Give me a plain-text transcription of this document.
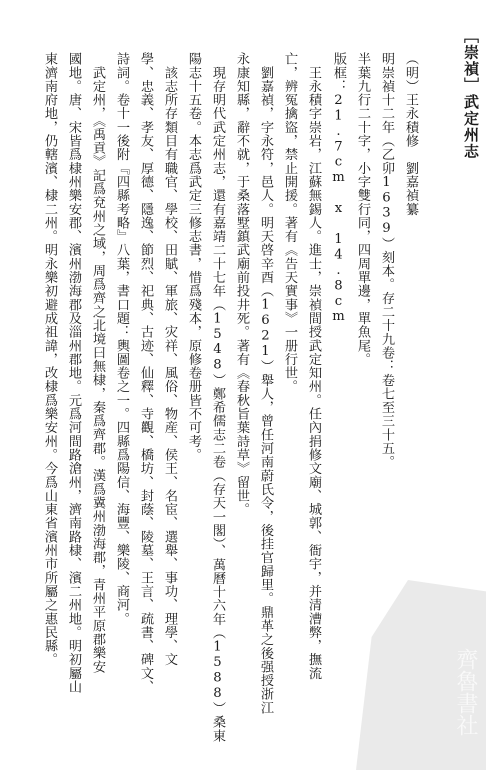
［崇禎］武定州志
（明）王永積修　劉嘉禎纂
明崇禎十二年（乙卯1639）刻本。存二十九卷：卷七至三十五。
半葉九行二十字，小字雙行同，四周單邊，單魚尾。
版框：21.7cm x 14.8cm
　王永積字崇岩，江蘇無錫人。進士，崇禎間授武定知州。任內捐修文廟、城郭、衙宇，并清漕弊，撫流
亡，辨冤擒盜，禁止開援。著有《告天實事》一册行世。
　劉嘉禎，字永符，邑人。明天啓辛酉（1621）舉人，曾任河南蔚氏令，後挂官歸里。鼎革之後强授浙江
永康知縣，辭不就，于桑落墅鎮武廟前投井死。著有《春秋旨葉詩草》留世。
　現存明代武定州志，還有嘉靖二十七年（1548）鄭希儒志二卷（存天一閣）、萬曆十六年（1588）桑東
陽志十五卷。本志爲武定三修志書，惜爲殘本，原修卷册皆不可考。
　該志所存類目有職官、學校、田賦、軍旅、灾祥、風俗、物産、侯王、名宦、選舉、事功、理學、文
學、忠義、孝友、厚德、隱逸、節烈、祀典、古迹、仙釋、寺觀、橋坊、封蔭、陵墓、王言、疏書、碑文、
詩詞。卷十一後附『四縣考略』八葉，書口題：輿圖卷之一。四縣爲陽信、海豐、樂陵、商河。
　武定州，《禹貢》記爲兗州之域，周爲齊之北境曰無棣，秦爲齊郡。漢爲冀州渤海郡，青州平原郡樂安
國地。唐、宋皆爲棣州樂安郡、濱州渤海郡及淄州郡地。元爲河間路滄州，濟南路棣、濱二州地。明初屬山
東濟南府地，仍轄濱、棣二州。明永樂初避成祖諱，改棣爲樂安州。今爲山東省濱州市所屬之惠民縣。
齊魯書社
